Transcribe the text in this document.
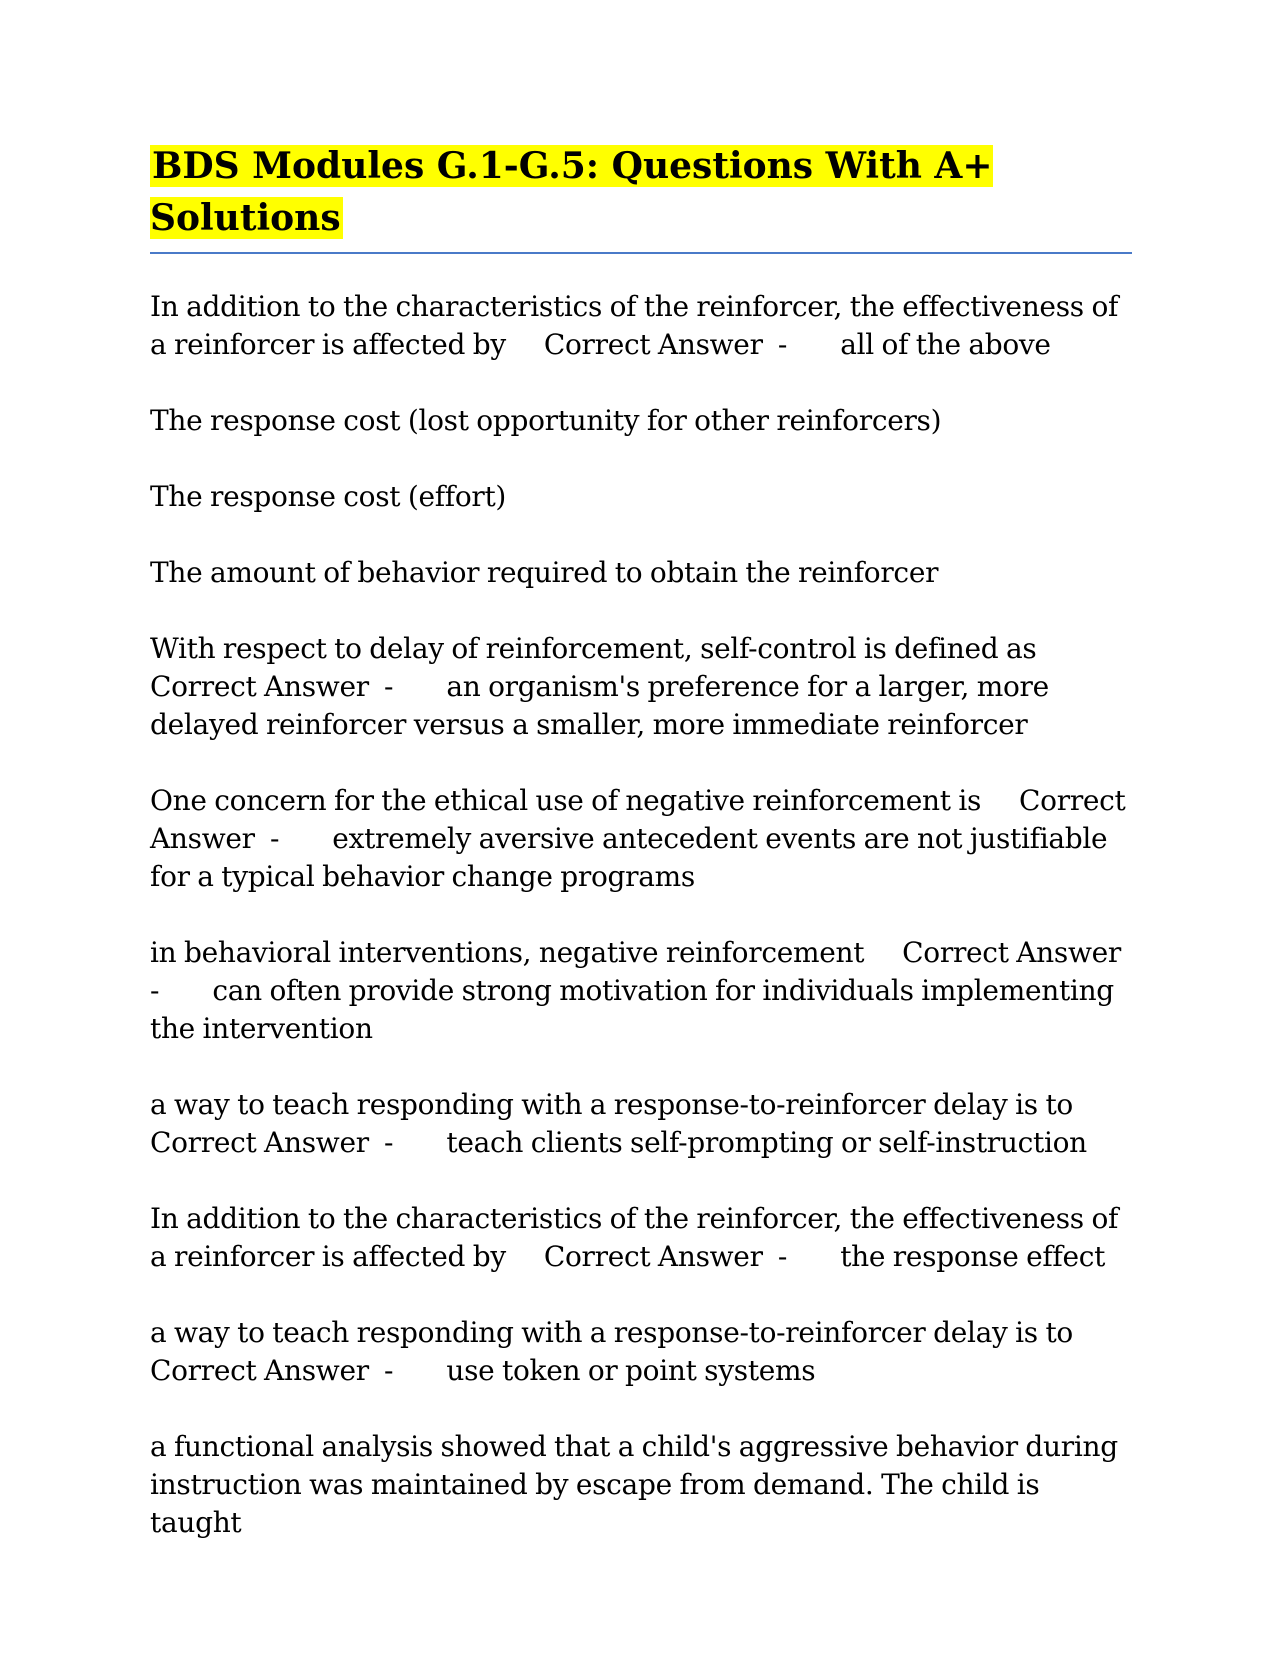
BDS Modules G.1-G.5: Questions With A+ Solutions

In addition to the characteristics of the reinforcer, the effectiveness of a reinforcer is affected by     Correct Answer  -       all of the above

The response cost (lost opportunity for other reinforcers)

The response cost (effort)

The amount of behavior required to obtain the reinforcer

With respect to delay of reinforcement, self-control is defined as     Correct Answer  -       an organism's preference for a larger, more delayed reinforcer versus a smaller, more immediate reinforcer

One concern for the ethical use of negative reinforcement is     Correct Answer  -       extremely aversive antecedent events are not justifiable for a typical behavior change programs

in behavioral interventions, negative reinforcement     Correct Answer  -       can often provide strong motivation for individuals implementing the intervention

a way to teach responding with a response-to-reinforcer delay is to     Correct Answer  -       teach clients self-prompting or self-instruction

In addition to the characteristics of the reinforcer, the effectiveness of a reinforcer is affected by     Correct Answer  -       the response effect

a way to teach responding with a response-to-reinforcer delay is to     Correct Answer  -       use token or point systems

a functional analysis showed that a child's aggressive behavior during instruction was maintained by escape from demand. The child is taught
